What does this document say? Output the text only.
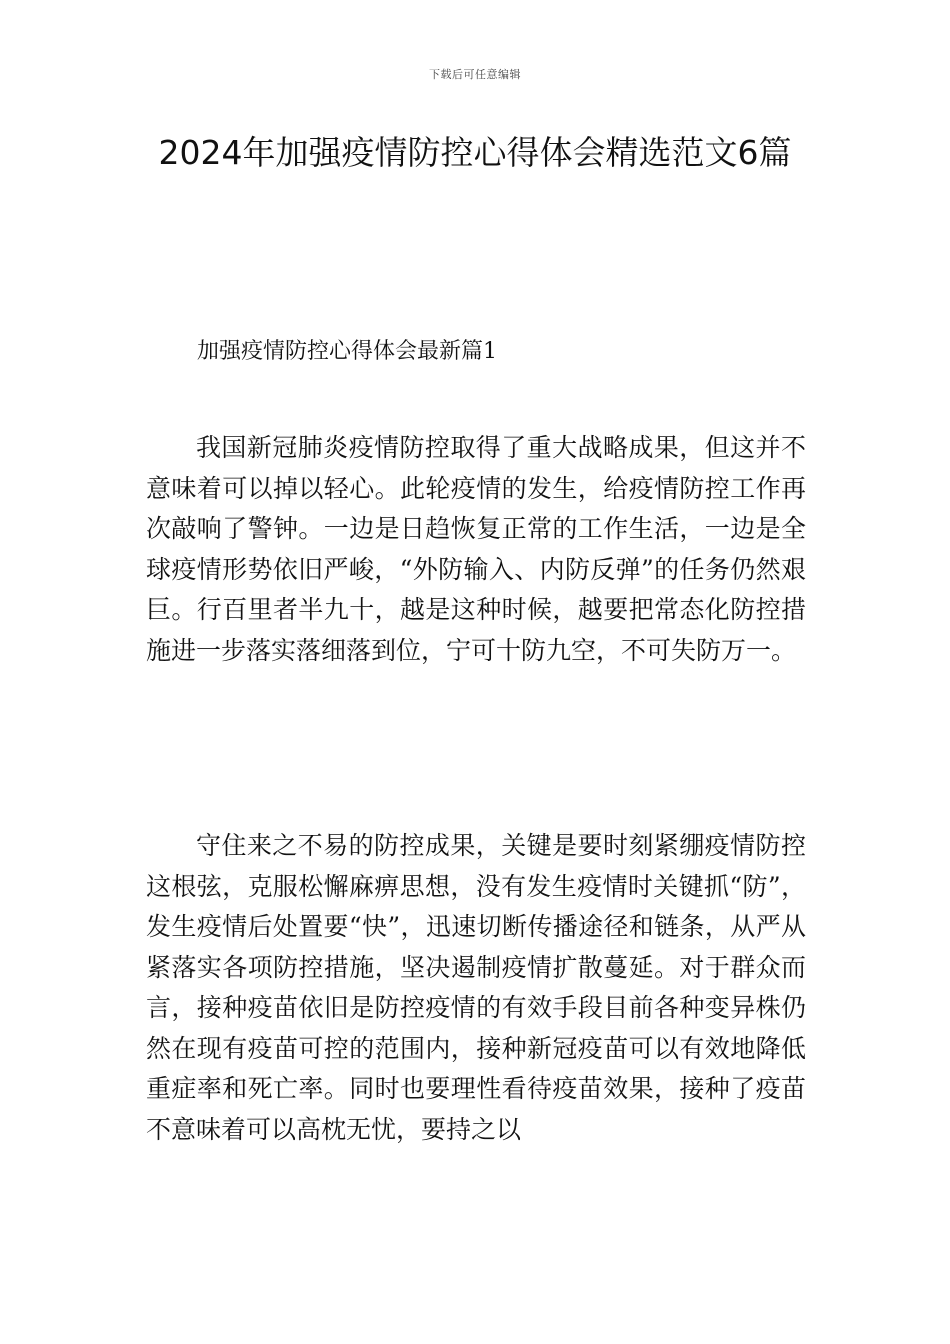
下载后可任意编辑
2024年加强疫情防控心得体会精选范文6篇
加强疫情防控心得体会最新篇1

我国新冠肺炎疫情防控取得了重大战略成果，但这并不意味着可以掉以轻心。此轮疫情的发生，给疫情防控工作再次敲响了警钟。一边是日趋恢复正常的工作生活，一边是全球疫情形势依旧严峻，“外防输入、内防反弹”的任务仍然艰巨。行百里者半九十，越是这种时候，越要把常态化防控措施进一步落实落细落到位，宁可十防九空，不可失防万一。

守住来之不易的防控成果，关键是要时刻紧绷疫情防控这根弦，克服松懈麻痹思想，没有发生疫情时关键抓“防”，发生疫情后处置要“快”，迅速切断传播途径和链条，从严从紧落实各项防控措施，坚决遏制疫情扩散蔓延。对于群众而言，接种疫苗依旧是防控疫情的有效手段目前各种变异株仍然在现有疫苗可控的范围内，接种新冠疫苗可以有效地降低重症率和死亡率。同时也要理性看待疫苗效果，接种了疫苗不意味着可以高枕无忧，要持之以
